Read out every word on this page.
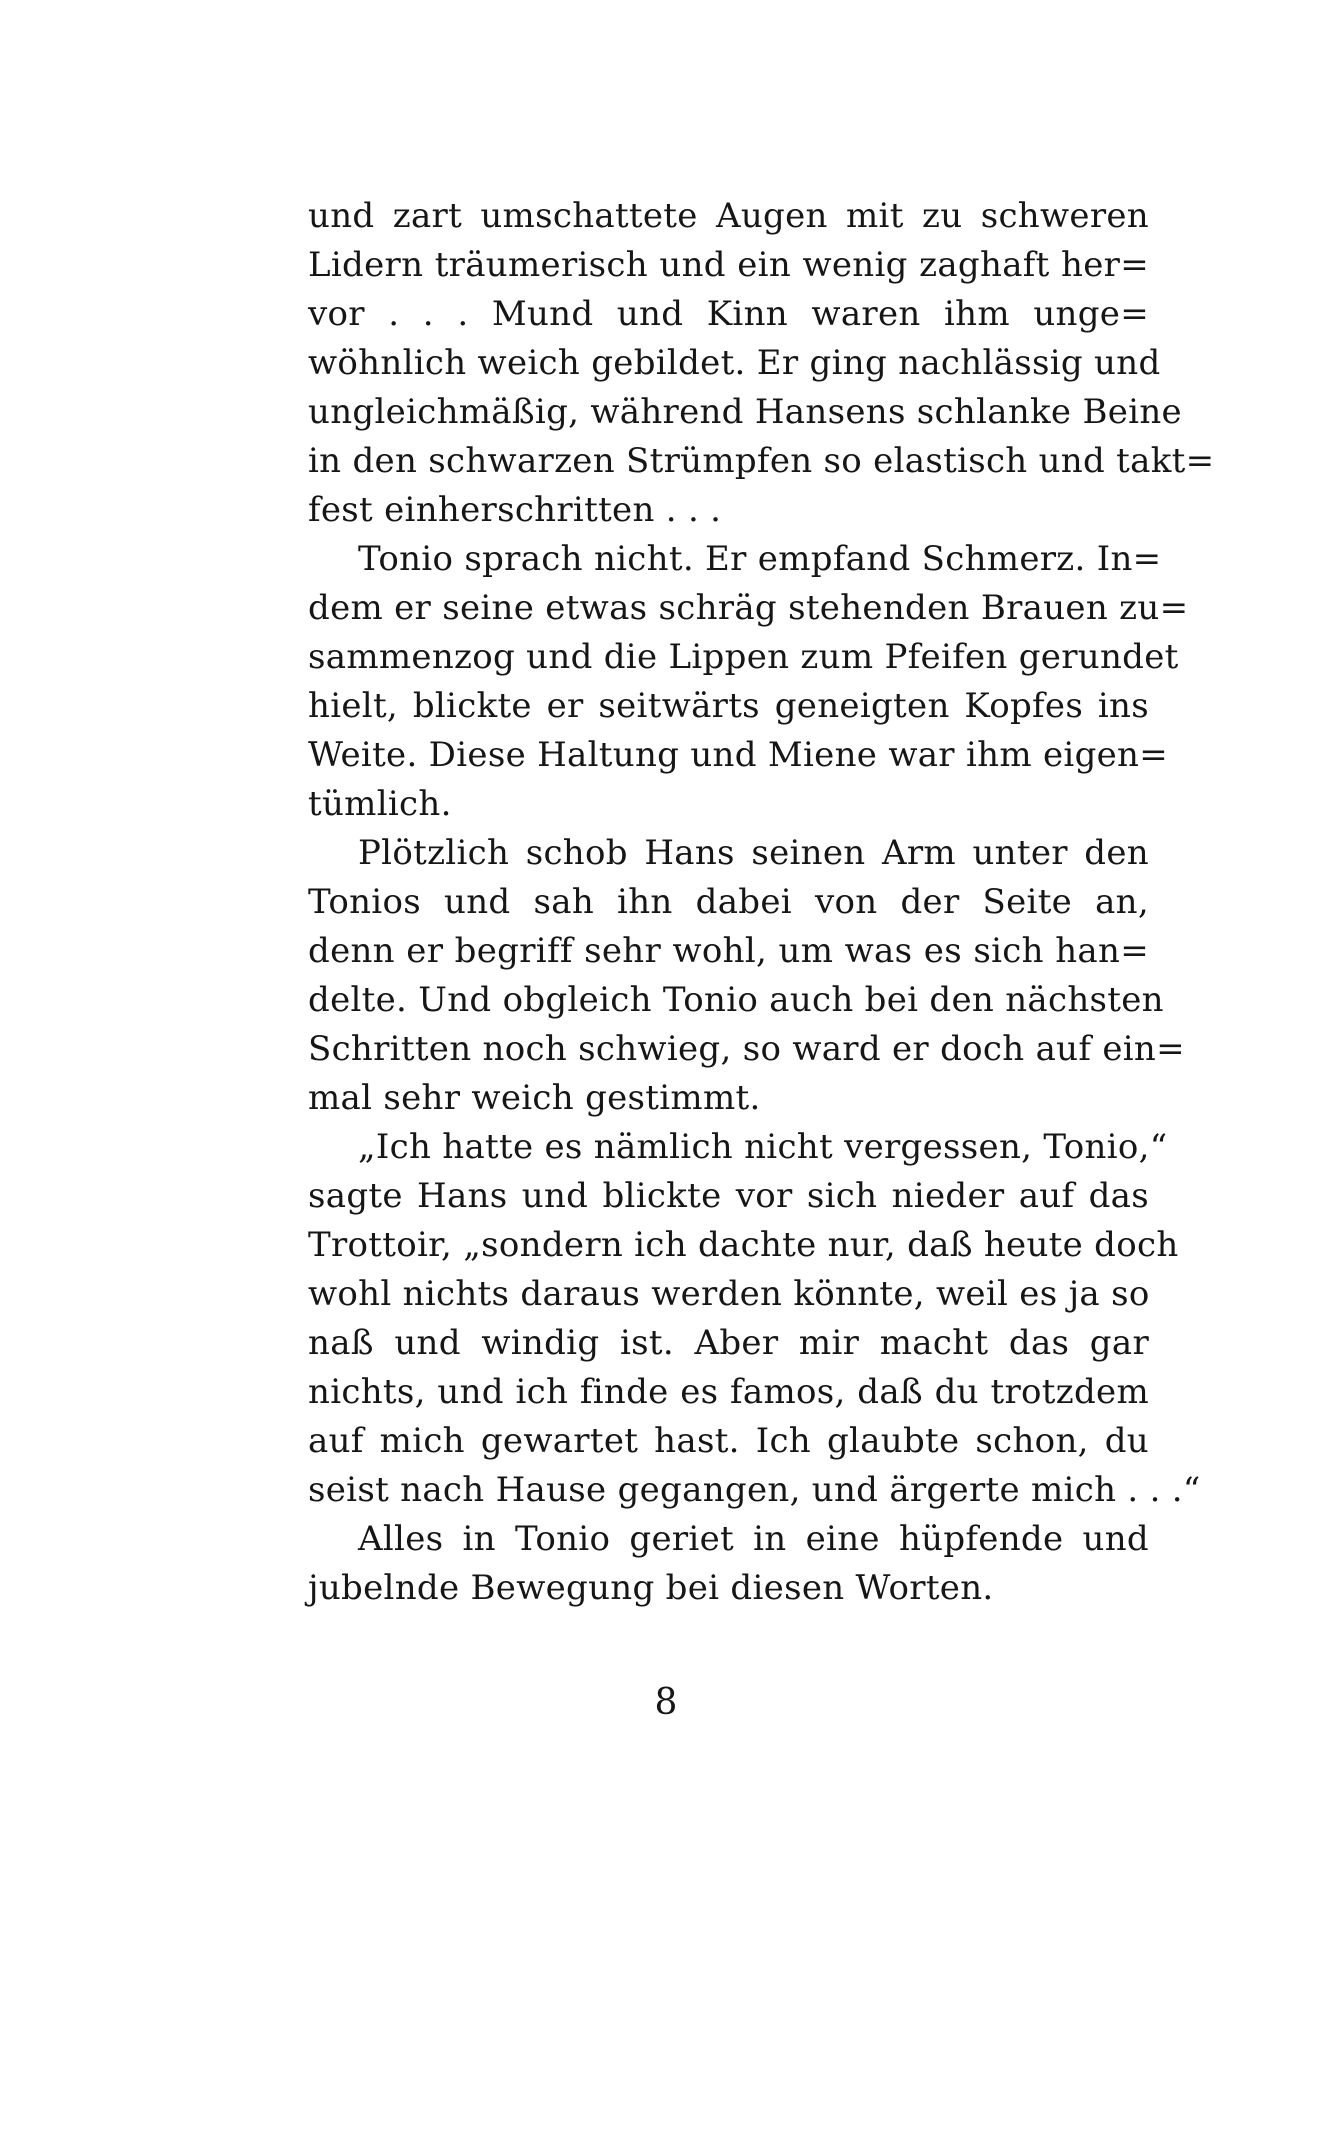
und zart umschattete Augen mit zu schweren
Lidern träumerisch und ein wenig zaghaft her=
vor . . . Mund und Kinn waren ihm unge=
wöhnlich weich gebildet. Er ging nachlässig und
ungleichmäßig, während Hansens schlanke Beine
in den schwarzen Strümpfen so elastisch und takt=
fest einherschritten . . .
Tonio sprach nicht. Er empfand Schmerz. In=
dem er seine etwas schräg stehenden Brauen zu=
sammenzog und die Lippen zum Pfeifen gerundet
hielt, blickte er seitwärts geneigten Kopfes ins
Weite. Diese Haltung und Miene war ihm eigen=
tümlich.
Plötzlich schob Hans seinen Arm unter den
Tonios und sah ihn dabei von der Seite an,
denn er begriff sehr wohl, um was es sich han=
delte. Und obgleich Tonio auch bei den nächsten
Schritten noch schwieg, so ward er doch auf ein=
mal sehr weich gestimmt.
„Ich hatte es nämlich nicht vergessen, Tonio,“
sagte Hans und blickte vor sich nieder auf das
Trottoir, „sondern ich dachte nur, daß heute doch
wohl nichts daraus werden könnte, weil es ja so
naß und windig ist. Aber mir macht das gar
nichts, und ich finde es famos, daß du trotzdem
auf mich gewartet hast. Ich glaubte schon, du
seist nach Hause gegangen, und ärgerte mich . . .“
Alles in Tonio geriet in eine hüpfende und
jubelnde Bewegung bei diesen Worten.
8
